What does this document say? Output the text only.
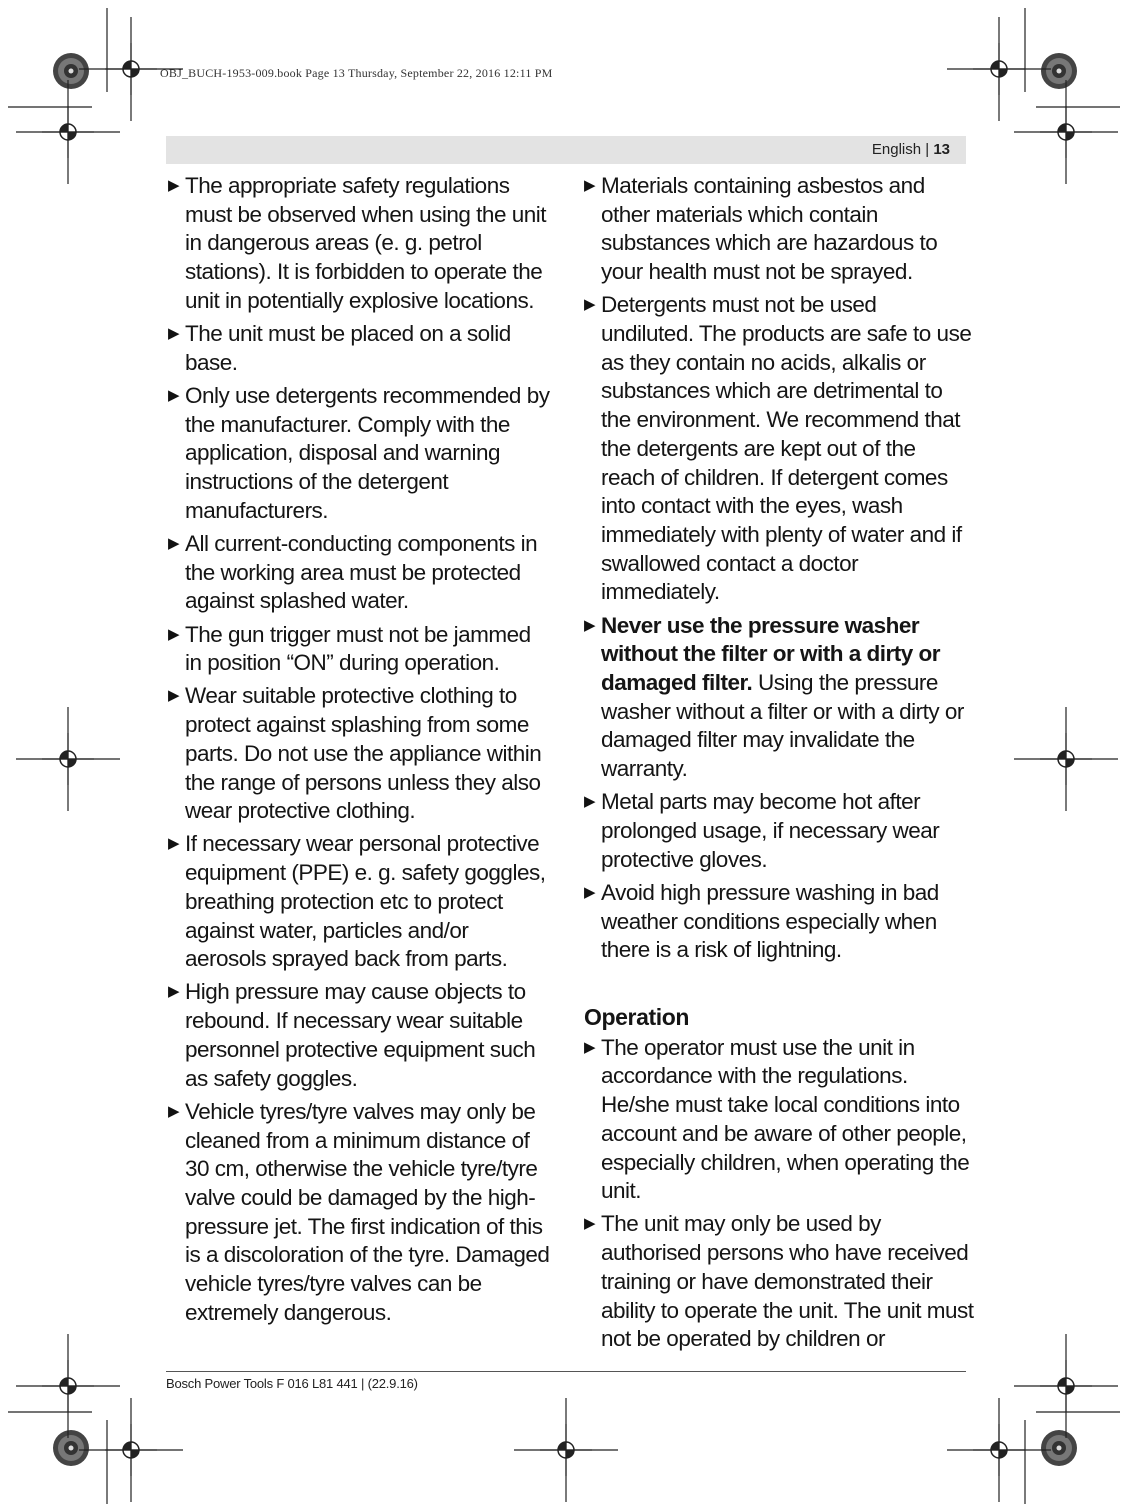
OBJ_BUCH-1953-009.book Page 13 Thursday, September 22, 2016 12:11 PM
English | 13
▶ The appropriate safety regulations must be observed when using the unit in dangerous areas (e. g. petrol stations). It is forbidden to operate the unit in potentially explosive locations.
▶ The unit must be placed on a solid base.
▶ Only use detergents recommended by the manufacturer. Comply with the application, disposal and warning instructions of the detergent manufacturers.
▶ All current-conducting components in the working area must be protected against splashed water.
▶ The gun trigger must not be jammed in position “ON” during operation.
▶ Wear suitable protective clothing to protect against splashing from some parts. Do not use the appliance within the range of persons unless they also wear protective clothing.
▶ If necessary wear personal protective equipment (PPE) e. g. safety goggles, breathing protection etc to protect against water, particles and/or aerosols sprayed back from parts.
▶ High pressure may cause objects to rebound. If necessary wear suitable personnel protective equipment such as safety goggles.
▶ Vehicle tyres/tyre valves may only be cleaned from a minimum distance of 30 cm, otherwise the vehicle tyre/tyre valve could be damaged by the high-pressure jet. The first indication of this is a discoloration of the tyre. Damaged vehicle tyres/tyre valves can be extremely dangerous.
▶ Materials containing asbestos and other materials which contain substances which are hazardous to your health must not be sprayed.
▶ Detergents must not be used undiluted. The products are safe to use as they contain no acids, alkalis or substances which are detrimental to the environment. We recommend that the detergents are kept out of the reach of children. If detergent comes into contact with the eyes, wash immediately with plenty of water and if swallowed contact a doctor immediately.
▶ Never use the pressure washer without the filter or with a dirty or damaged filter. Using the pressure washer without a filter or with a dirty or damaged filter may invalidate the warranty.
▶ Metal parts may become hot after prolonged usage, if necessary wear protective gloves.
▶ Avoid high pressure washing in bad weather conditions especially when there is a risk of lightning.
Operation
▶ The operator must use the unit in accordance with the regulations.
He/she must take local conditions into account and be aware of other people, especially children, when operating the unit.
▶ The unit may only be used by authorised persons who have received training or have demonstrated their ability to operate the unit. The unit must not be operated by children or
Bosch Power Tools F 016 L81 441 | (22.9.16)
